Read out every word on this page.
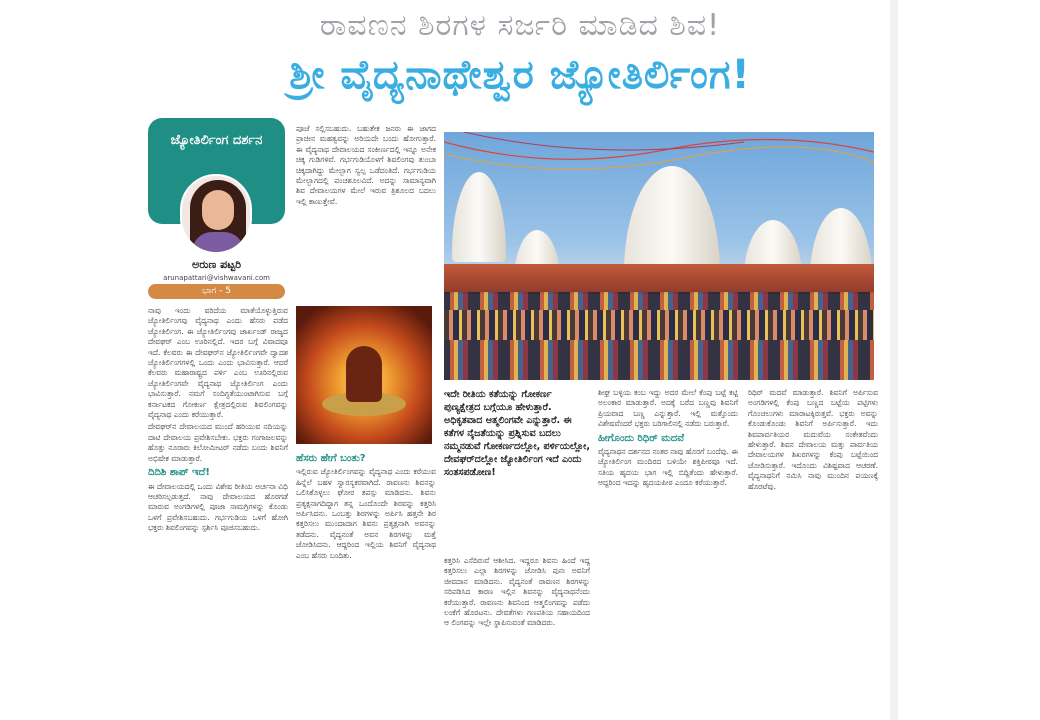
ರಾವಣನ ಶಿರಗಳ ಸರ್ಜರಿ ಮಾಡಿದ ಶಿವ!
ಶ್ರೀ ವೈದ್ಯನಾಥೇಶ್ವರ ಜ್ಯೋತಿರ್ಲಿಂಗ!
ಜ್ಯೋತಿರ್ಲಿಂಗ ದರ್ಶನ
ಅರುಣ ಪಟ್ಟರಿ
arunapattari@vishwavani.com
ಭಾಗ - 5

ನಾವು ಇಂದು ವರಿದೆಯ ಮಾತೆಯೊಳ್ಳುತ್ತಿರುವ ಜ್ಯೋತಿರ್ಲಿಂಗವು ವೈದ್ಯನಾಥ ಎಂದು ಹೆಸರು ಪಡೆದ ಜ್ಯೋತಿರ್ಲಿಂಗ. ಈ ಜ್ಯೋತಿರ್ಲಿಂಗವು ಜಾರ್ಖಂಡ್ ರಾಜ್ಯದ ದೇವಘರ್ ಎಂಬ ಊರಿನಲ್ಲಿದೆ. ಇದರ ಬಗ್ಗೆ ವಿವಾದವೂ ಇದೆ. ಕೆಲವರು ಈ ದೇವಘರ್‌ನ ಜ್ಯೋತಿರ್ಲಿಂಗವೇ ದ್ವಾದಶ ಜ್ಯೋತಿರ್ಲಿಂಗಗಳಲ್ಲಿ ಒಂದು ಎಂದು ಭಾವಿಸುತ್ತಾರೆ. ಆದರೆ ಕೆಲವರು ಮಹಾರಾಷ್ಟ್ರದ ಪರ್ಳಿ ಎಂಬ ಊರಿನಲ್ಲಿರುವ ಜ್ಯೋತಿರ್ಲಿಂಗವೇ ವೈದ್ಯನಾಥ ಜ್ಯೋತಿರ್ಲಿಂಗ ಎಂದು ಭಾವಿಸುತ್ತಾರೆ. ನಮಗೆ ಸಂದಿಗ್ಧತೆಯುಂಟಾಗಿಸುವ ಬಗ್ಗೆ ಕರ್ನಾಟಕದ ಗೋಕರ್ಣ ಕ್ಷೇತ್ರದಲ್ಲಿರುವ ಶಿವಲಿಂಗವನ್ನು ವೈದ್ಯನಾಥ ಎಂದು ಕರೆಯುತ್ತಾರೆ.

ದೇವಘರ್‌ನ ದೇವಾಲಯದ ಮುಂದೆ ಹರಿಯುವ ನದಿಯನ್ನು ದಾಟಿ ದೇವಾಲಯ ಪ್ರವೇಶಿಸಬೇಕು. ಭಕ್ತರು ಗಂಗಾಜಲವನ್ನು ಹೊತ್ತು ನೂರಾರು ಕಿಲೋಮೀಟರ್ ನಡೆದು ಬಂದು ಶಿವನಿಗೆ ಅಭಿಷೇಕ ಮಾಡುತ್ತಾರೆ.

ದಿದಿಶಿ ಶಾಪ್ ಇದೆ!

ಈ ದೇವಾಲಯದಲ್ಲಿ ಒಂದು ವಿಶೇಷ ರೀತಿಯ ಅರ್ಚನಾ ವಿಧಿ ಆಚರಿಸಲ್ಪಡುತ್ತದೆ. ನಾವು ದೇವಾಲಯದ ಹೊರಗಡೆ ಮಾರುವ ಅಂಗಡಿಗಳಲ್ಲಿ ಪೂಜಾ ಸಾಮಗ್ರಿಗಳನ್ನು ಕೊಂಡು ಒಳಗೆ ಪ್ರವೇಶಿಸಬಹುದು. ಗರ್ಭಗುಡಿಯ ಒಳಗೆ ಹೋಗಿ ಭಕ್ತರು ಶಿವಲಿಂಗವನ್ನು ಸ್ಪರ್ಶಿಸಿ ಪೂಜಿಸಬಹುದು.

ಪೂಜೆ ಸಲ್ಲಿಸಬಹುದು. ಬಹುತೇಕ ಜನರು ಈ ಜಾಗದ ಪ್ರಾಚೀನ ಮಹತ್ವವನ್ನು ಅರಿಯದೇ ಬಂದು ಹೋಗುತ್ತಾರೆ. ಈ ವೈದ್ಯನಾಥ ದೇವಾಲಯದ ಸಂಕೀರ್ಣದಲ್ಲಿ ಇನ್ನೂ ಅನೇಕ ಚಿಕ್ಕ ಗುಡಿಗಳಿವೆ. ಗರ್ಭಗುಡಿಯೊಳಗೆ ಶಿವಲಿಂಗವು ತುಂಬಾ ಚಿಕ್ಕದಾಗಿದ್ದು ಮೇಲ್ಭಾಗ ಸ್ವಲ್ಪ ಒಡೆದಂತಿದೆ. ಗರ್ಭಗುಡಿಯ ಮೇಲ್ಭಾಗದಲ್ಲಿ ಪಂಚಶೂಲವಿದೆ. ಅದನ್ನು ಸಾಮಾನ್ಯವಾಗಿ ಶಿವ ದೇವಾಲಯಗಳ ಮೇಲೆ ಇರುವ ತ್ರಿಶೂಲದ ಬದಲು ಇಲ್ಲಿ ಕಾಣುತ್ತೇವೆ.

ಹೆಸರು ಹೇಗೆ ಬಂತು?

ಇಲ್ಲಿರುವ ಜ್ಯೋತಿರ್ಲಿಂಗವನ್ನು ವೈದ್ಯನಾಥ ಎಂದು ಕರೆಯುವ ಹಿನ್ನೆಲೆ ಬಹಳ ಸ್ವಾರಸ್ಯಕರವಾಗಿದೆ. ರಾವಣನು ಶಿವನನ್ನು ಒಲಿಸಿಕೊಳ್ಳಲು ಘೋರ ತಪಸ್ಸು ಮಾಡಿದನು. ಶಿವನು ಪ್ರತ್ಯಕ್ಷನಾಗದಿದ್ದಾಗ ತನ್ನ ಒಂದೊಂದೇ ಶಿರವನ್ನು ಕತ್ತರಿಸಿ ಅರ್ಪಿಸಿದನು. ಒಂಬತ್ತು ಶಿರಗಳನ್ನು ಅರ್ಪಿಸಿ ಹತ್ತನೇ ಶಿರ ಕತ್ತರಿಸಲು ಮುಂದಾದಾಗ ಶಿವನು ಪ್ರತ್ಯಕ್ಷನಾಗಿ ಅವನನ್ನು ತಡೆದನು. ವೈದ್ಯನಂತೆ ಅವನ ಶಿರಗಳನ್ನು ಮತ್ತೆ ಜೋಡಿಸಿದನು. ಆದ್ದರಿಂದ ಇಲ್ಲಿಯ ಶಿವನಿಗೆ ವೈದ್ಯನಾಥ ಎಂಬ ಹೆಸರು ಬಂದಿತು.

ಇದೇ ರೀತಿಯ ಕತೆಯನ್ನು ಗೋಕರ್ಣ ಪುಣ್ಯಕ್ಷೇತ್ರದ ಬಗ್ಗೆಯೂ ಹೇಳುತ್ತಾರೆ. ಅಧಿಕೃತವಾದ ಆತ್ಮಲಿಂಗವೇ ಎನ್ನುತ್ತಾರೆ. ಈ ಕತೆಗಳ ನೈಜತೆಯನ್ನು ಪ್ರಶ್ನಿಸುವ ಬದಲು ನಮ್ಮನಡುವೆ ಗೋಕರ್ಣದಲ್ಲೋ, ಪರ್ಳಿಯಲ್ಲೋ, ದೇವಘರ್‌ದಲ್ಲೋ ಜ್ಯೋತಿರ್ಲಿಂಗ ಇದೆ ಎಂದು ಸಂತಸಪಡೋಣ!

ಕತ್ತರಿಸಿ ಎಸೆದಿರುವೆ ಆಶೀಸಿದ. ಇದ್ದರೂ ಶಿವನು ಹಿಂದೆ ಇದ್ದ ಕತ್ತರಿಸಲು ಎಲ್ಲಾ ಶಿರಗಳನ್ನು ಜೋಡಿಸಿ ಪುನಃ ಅವನಿಗೆ ಜೀವದಾನ ಮಾಡಿದನು. ವೈದ್ಯನಂತೆ ರಾವಣನ ಶಿರಗಳನ್ನು ಸರಿಪಡಿಸಿದ ಕಾರಣ ಇಲ್ಲಿನ ಶಿವನನ್ನು ವೈದ್ಯನಾಥನೆಂದು ಕರೆಯುತ್ತಾರೆ. ರಾವಣನು ಶಿವನಿಂದ ಆತ್ಮಲಿಂಗವನ್ನು ಪಡೆದು ಲಂಕೆಗೆ ಹೊರಟನು. ದೇವತೆಗಳು ಗಣಪತಿಯ ಸಹಾಯದಿಂದ ಆ ಲಿಂಗವನ್ನು ಇಲ್ಲೇ ಸ್ಥಾಪಿಸುವಂತೆ ಮಾಡಿದರು.

ಶೀಘ್ರ ಬಳ್ಳಿಯ ಕಂಬ ಇದ್ದು ಅದರ ಮೇಲೆ ಕೆಂಪು ಬಟ್ಟೆ ಕಟ್ಟಿ ಅಲಂಕಾರ ಮಾಡುತ್ತಾರೆ. ಅದಕ್ಕೆ ಬರೆದ ಬಣ್ಣವು ಶಿವನಿಗೆ ಪ್ರಿಯವಾದ ಬಣ್ಣ ಎನ್ನುತ್ತಾರೆ. ಇಲ್ಲಿ ಮತ್ತೊಂದು ವಿಶೇಷವೆಂದರೆ ಭಕ್ತರು ಬರಿಗಾಲಿನಲ್ಲಿ ನಡೆದು ಬರುತ್ತಾರೆ.

ಹೀಗೊಂದು ರಿಧಿರ್ ಮದವೆ

ವೈದ್ಯನಾಥನ ದರ್ಶನದ ನಂತರ ನಾವು ಹೊರಗೆ ಬಂದೆವು. ಈ ಜ್ಯೋತಿರ್ಲಿಂಗ ಮಂದಿರದ ಬಳಿಯೇ ಶಕ್ತಿಪೀಠವೂ ಇದೆ. ಸತಿಯ ಹೃದಯ ಭಾಗ ಇಲ್ಲಿ ಬಿದ್ದಿತೆಂದು ಹೇಳುತ್ತಾರೆ. ಆದ್ದರಿಂದ ಇದನ್ನು ಹೃದಯಪೀಠ ಎಂದೂ ಕರೆಯುತ್ತಾರೆ.

ರಿಧಿರ್ ಮದವೆ ಮಾಡುತ್ತಾರೆ. ಶಿವನಿಗೆ ಅರ್ಪಿಸುವ ಅಂಗಡಿಗಳಲ್ಲಿ ಕೆಂಪು ಬಣ್ಣದ ಬಟ್ಟೆಯ ಪಟ್ಟಿಗಳು ಗೊಂಚಲುಗಳು ಮಾರಾಟಕ್ಕಿರುತ್ತವೆ. ಭಕ್ತರು ಅವನ್ನು ಕೊಂಡುಕೊಂಡು ಶಿವನಿಗೆ ಅರ್ಪಿಸುತ್ತಾರೆ. ಇದು ಶಿವಪಾರ್ವತಿಯರ ಮದುವೆಯ ಸಂಕೇತವೆಂದು ಹೇಳುತ್ತಾರೆ. ಶಿವನ ದೇವಾಲಯ ಮತ್ತು ಪಾರ್ವತಿಯ ದೇವಾಲಯಗಳ ಶಿಖರಗಳನ್ನು ಕೆಂಪು ಬಟ್ಟೆಯಿಂದ ಜೋಡಿಸುತ್ತಾರೆ. ಇದೊಂದು ವಿಶಿಷ್ಟವಾದ ಆಚರಣೆ. ವೈದ್ಯನಾಥನಿಗೆ ನಮಿಸಿ ನಾವು ಮುಂದಿನ ಪಯಣಕ್ಕೆ ಹೊರಟೆವು.
